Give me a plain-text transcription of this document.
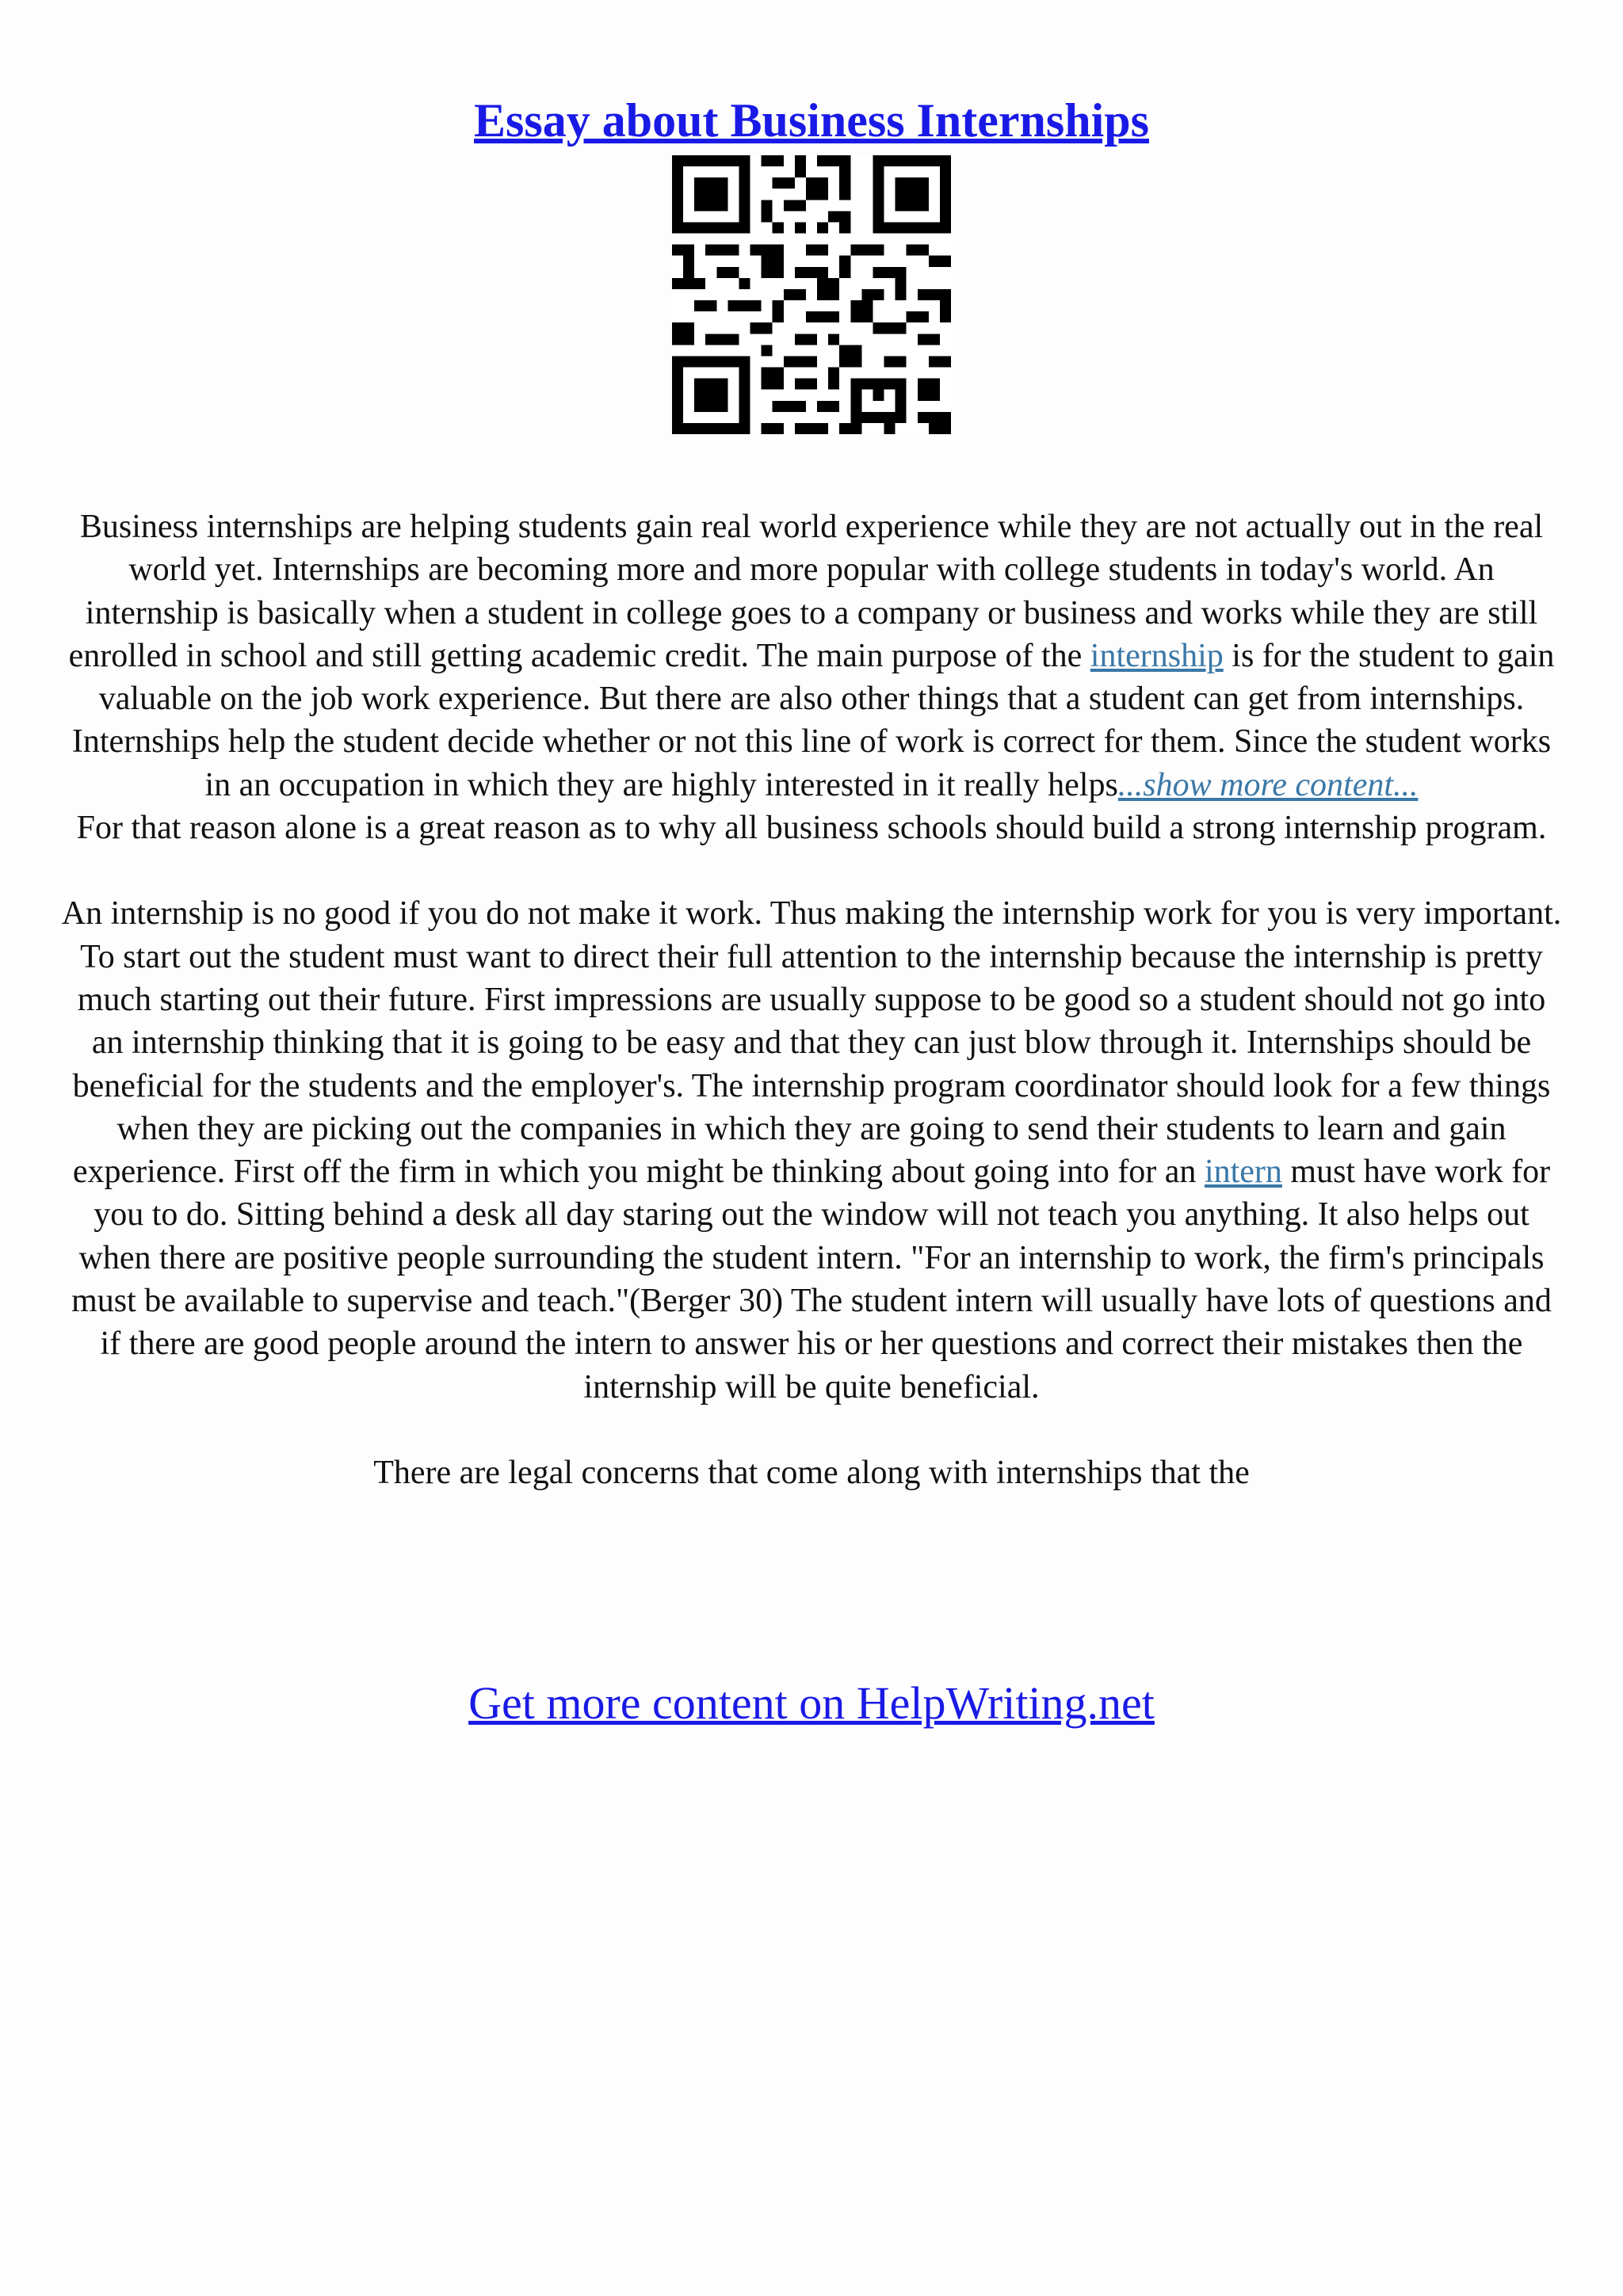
Essay about Business Internships

Business internships are helping students gain real world experience while they are not actually out in the real world yet. Internships are becoming more and more popular with college students in today's world. An internship is basically when a student in college goes to a company or business and works while they are still enrolled in school and still getting academic credit. The main purpose of the internship is for the student to gain valuable on the job work experience. But there are also other things that a student can get from internships. Internships help the student decide whether or not this line of work is correct for them. Since the student works in an occupation in which they are highly interested in it really helps...show more content...

For that reason alone is a great reason as to why all business schools should build a strong internship program.

An internship is no good if you do not make it work. Thus making the internship work for you is very important. To start out the student must want to direct their full attention to the internship because the internship is pretty much starting out their future. First impressions are usually suppose to be good so a student should not go into an internship thinking that it is going to be easy and that they can just blow through it. Internships should be beneficial for the students and the employer's. The internship program coordinator should look for a few things when they are picking out the companies in which they are going to send their students to learn and gain experience. First off the firm in which you might be thinking about going into for an intern must have work for you to do. Sitting behind a desk all day staring out the window will not teach you anything. It also helps out when there are positive people surrounding the student intern. "For an internship to work, the firm's principals must be available to supervise and teach."(Berger 30) The student intern will usually have lots of questions and if there are good people around the intern to answer his or her questions and correct their mistakes then the internship will be quite beneficial.

There are legal concerns that come along with internships that the

Get more content on HelpWriting.net
